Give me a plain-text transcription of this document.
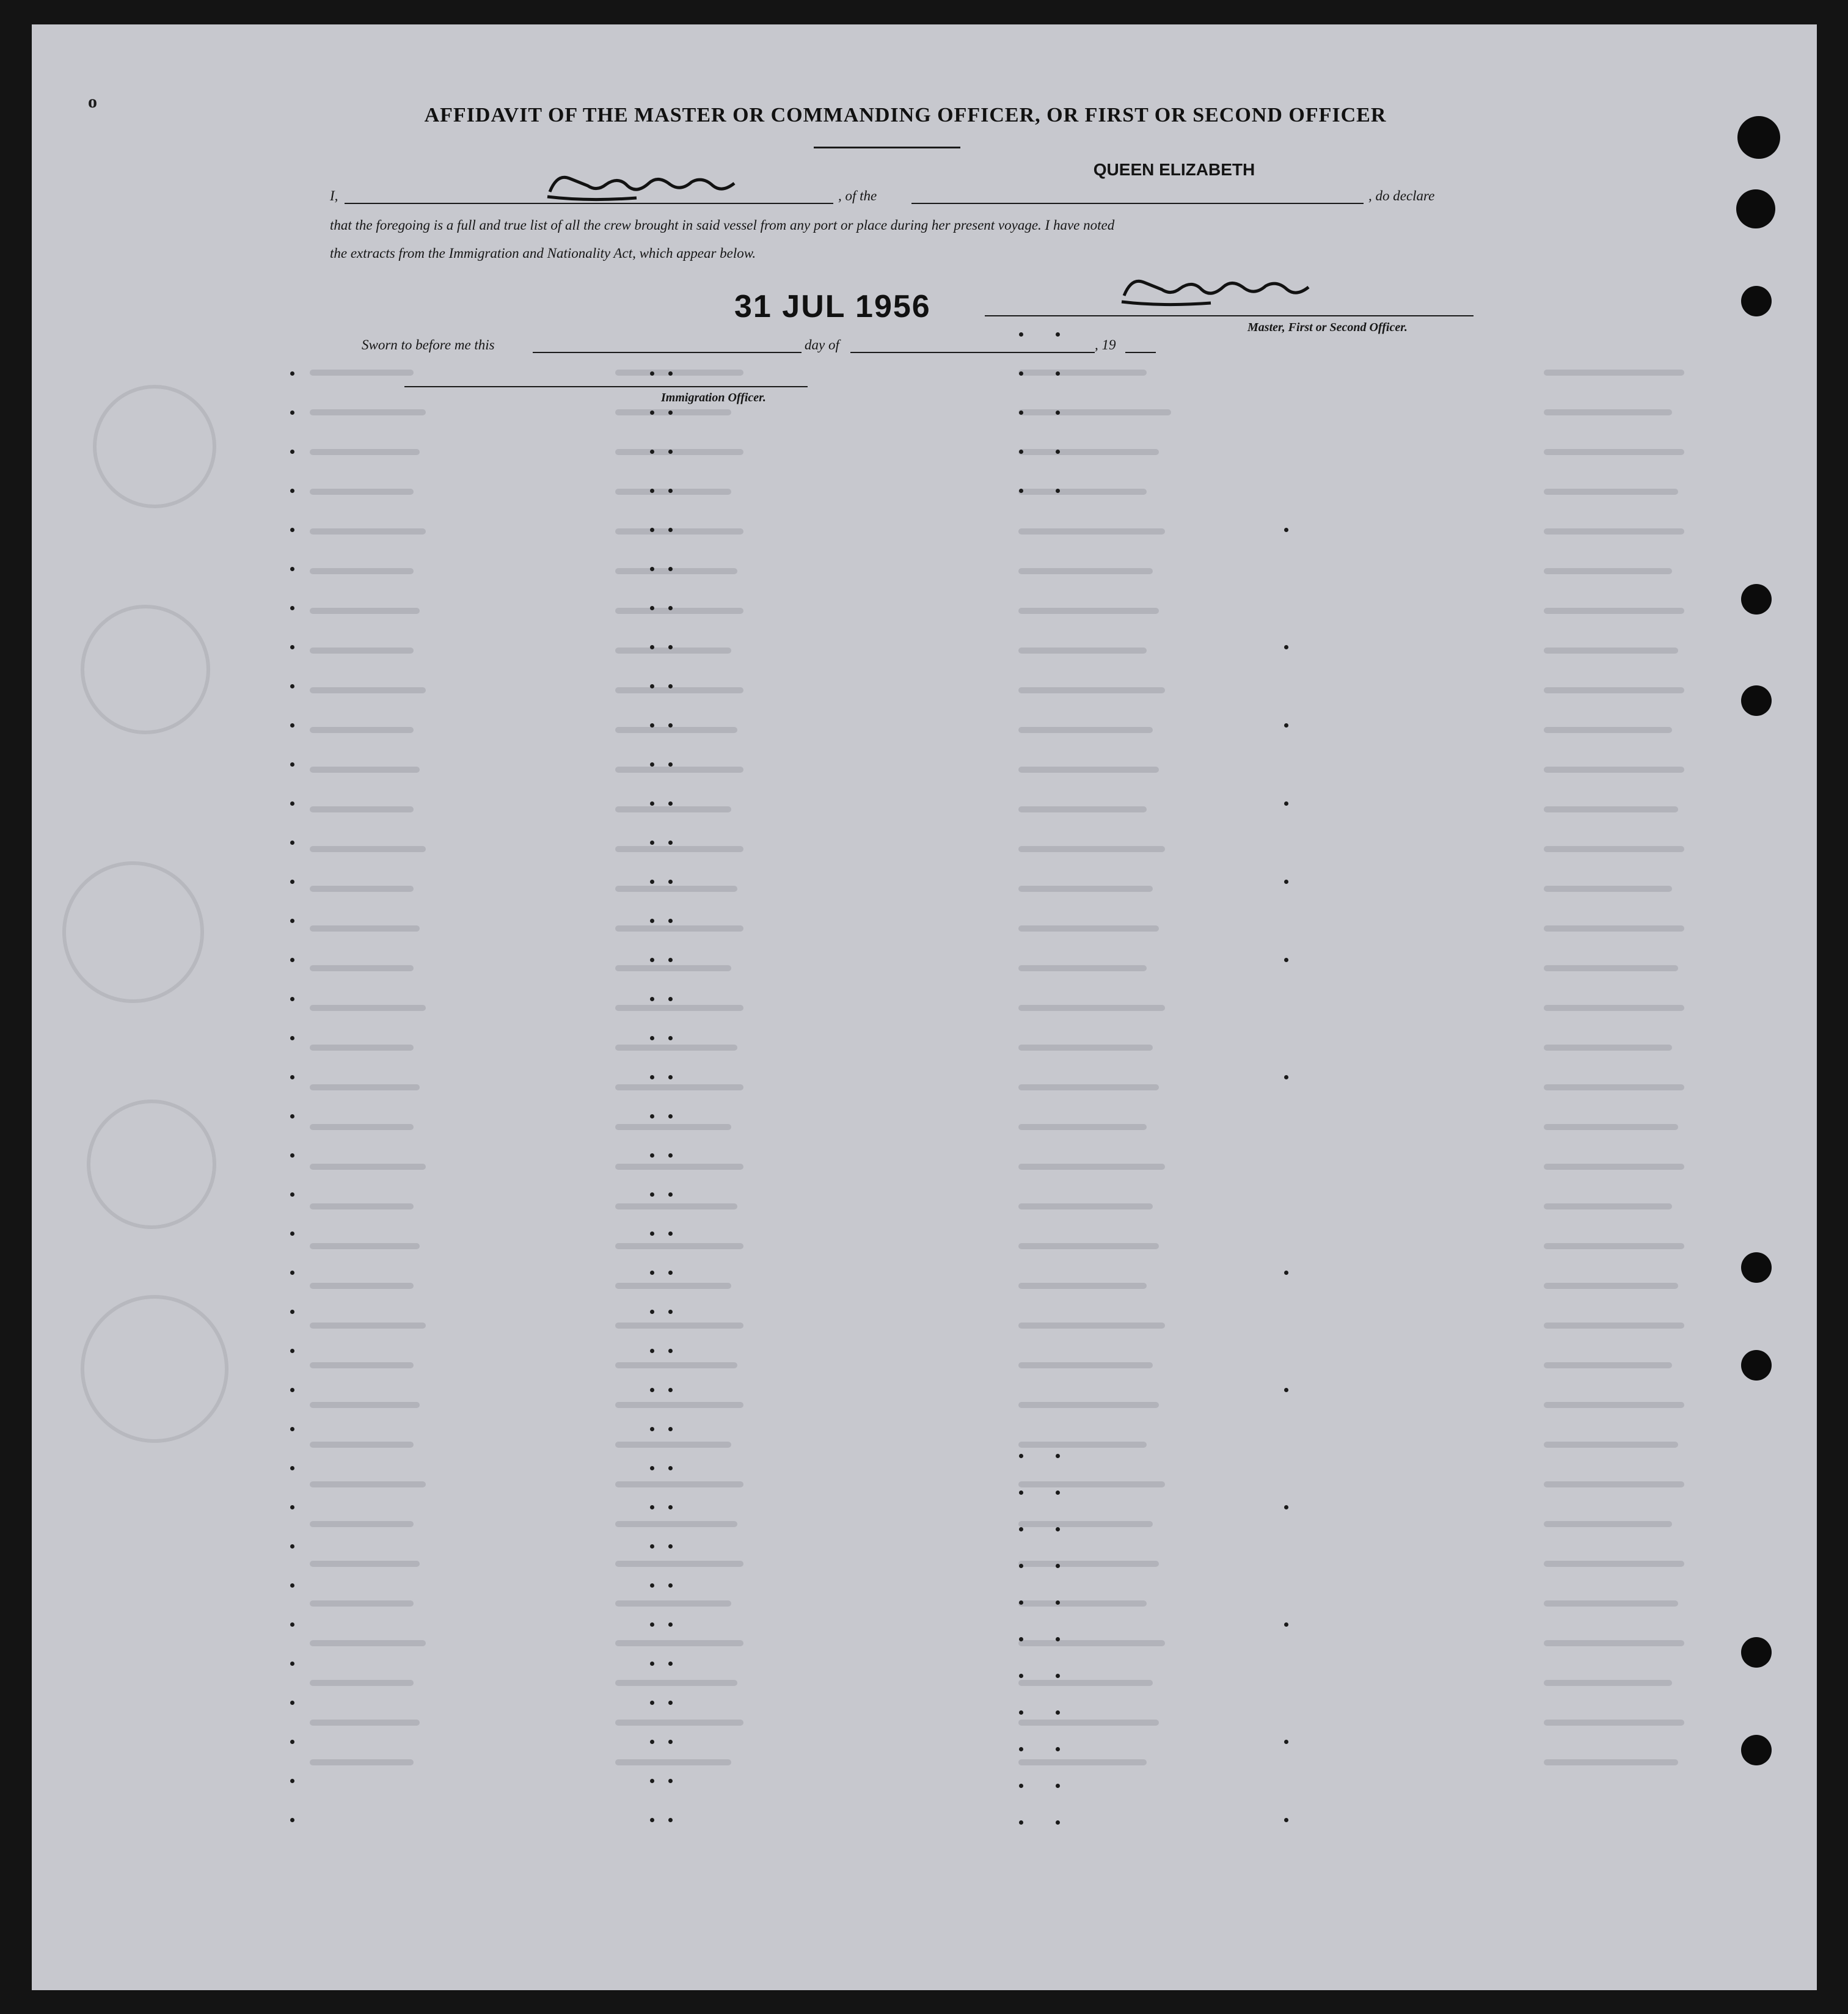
o
AFFIDAVIT OF THE MASTER OR COMMANDING OFFICER, OR FIRST OR SECOND OFFICER
I,	, of the
QUEEN ELIZABETH
, do declare
that the foregoing is a full and true list of all the crew brought in said vessel from any port or place during her present voyage. I have noted
the extracts from the Immigration and Nationality Act, which appear below.
Master, First or Second Officer.
Sworn to before me this
31 JUL 1956
day of	, 19
Immigration Officer.
